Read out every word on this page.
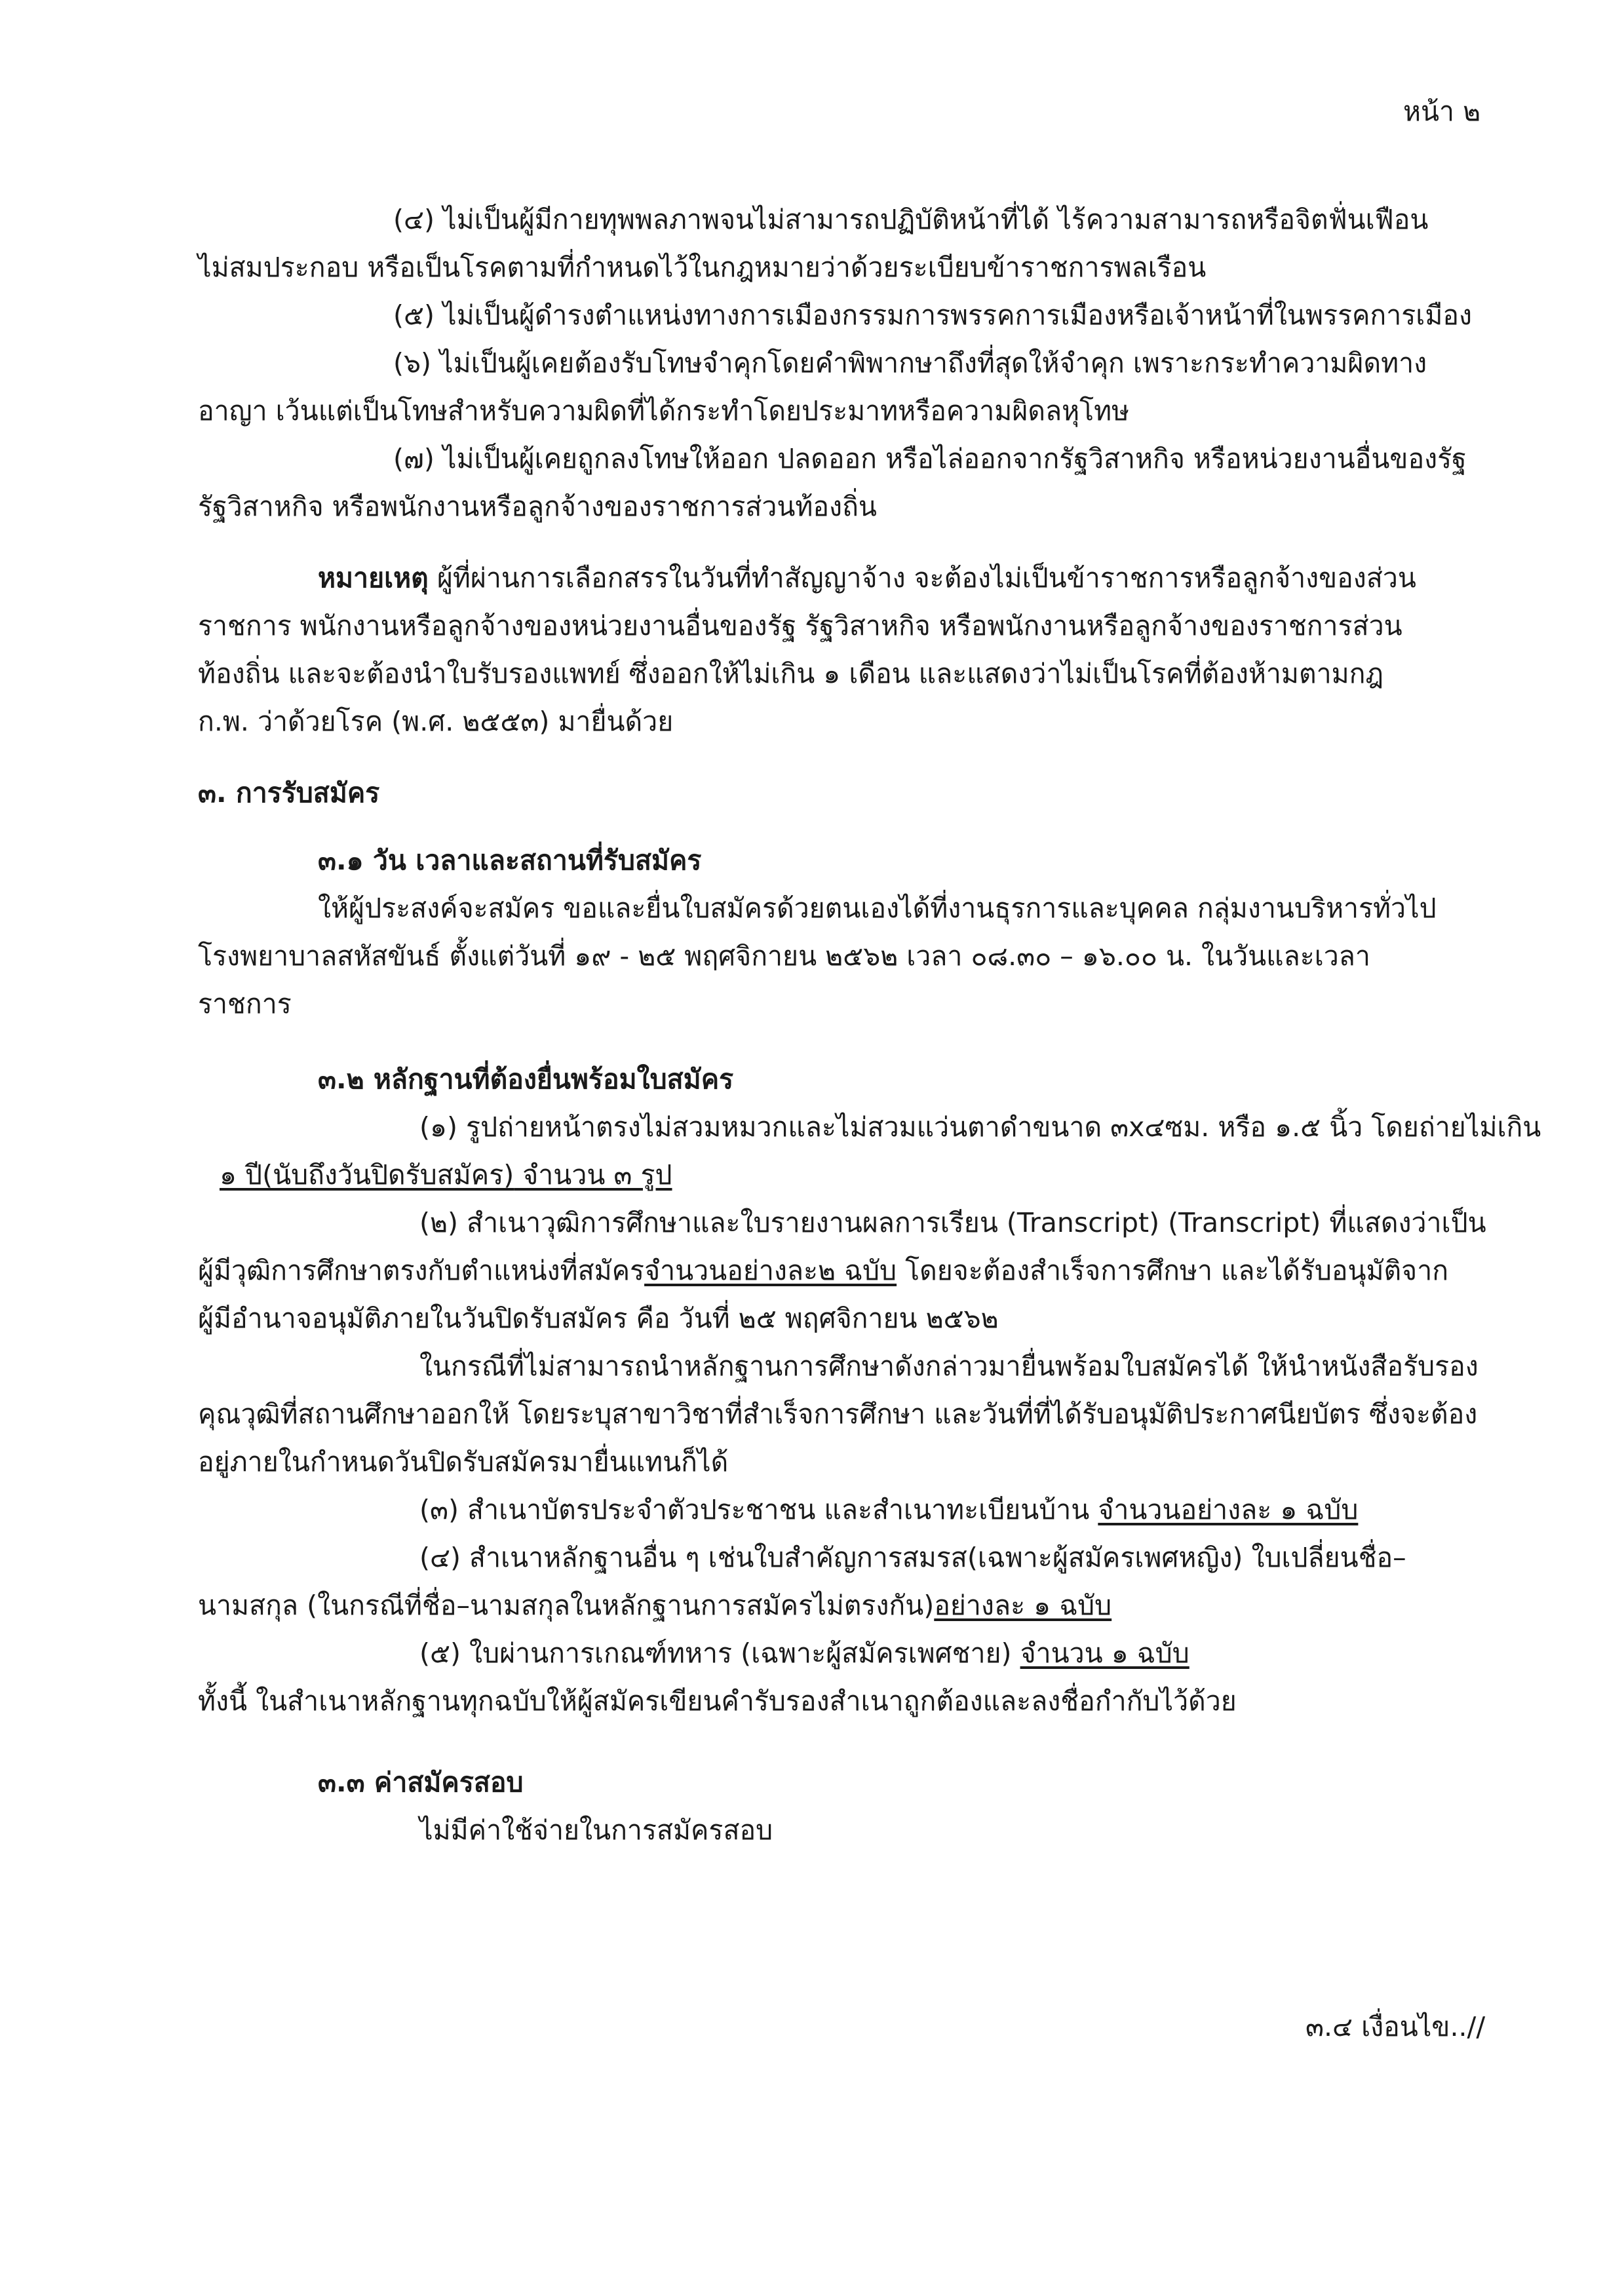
หน้า ๒
(๔) ไม่เป็นผู้มีกายทุพพลภาพจนไม่สามารถปฏิบัติหน้าที่ได้ ไร้ความสามารถหรือจิตฟั่นเฟือน
ไม่สมประกอบ หรือเป็นโรคตามที่กำหนดไว้ในกฎหมายว่าด้วยระเบียบข้าราชการพลเรือน
(๕) ไม่เป็นผู้ดำรงตำแหน่งทางการเมืองกรรมการพรรคการเมืองหรือเจ้าหน้าที่ในพรรคการเมือง
(๖) ไม่เป็นผู้เคยต้องรับโทษจำคุกโดยคำพิพากษาถึงที่สุดให้จำคุก เพราะกระทำความผิดทาง
อาญา เว้นแต่เป็นโทษสำหรับความผิดที่ได้กระทำโดยประมาทหรือความผิดลหุโทษ
(๗) ไม่เป็นผู้เคยถูกลงโทษให้ออก ปลดออก หรือไล่ออกจากรัฐวิสาหกิจ หรือหน่วยงานอื่นของรัฐ
รัฐวิสาหกิจ หรือพนักงานหรือลูกจ้างของราชการส่วนท้องถิ่น
หมายเหตุ ผู้ที่ผ่านการเลือกสรรในวันที่ทำสัญญาจ้าง จะต้องไม่เป็นข้าราชการหรือลูกจ้างของส่วน
ราชการ พนักงานหรือลูกจ้างของหน่วยงานอื่นของรัฐ รัฐวิสาหกิจ หรือพนักงานหรือลูกจ้างของราชการส่วน
ท้องถิ่น และจะต้องนำใบรับรองแพทย์ ซึ่งออกให้ไม่เกิน ๑ เดือน และแสดงว่าไม่เป็นโรคที่ต้องห้ามตามกฎ
ก.พ. ว่าด้วยโรค (พ.ศ. ๒๕๕๓) มายื่นด้วย
๓. การรับสมัคร
๓.๑ วัน เวลาและสถานที่รับสมัคร
ให้ผู้ประสงค์จะสมัคร ขอและยื่นใบสมัครด้วยตนเองได้ที่งานธุรการและบุคคล กลุ่มงานบริหารทั่วไป
โรงพยาบาลสหัสขันธ์ ตั้งแต่วันที่ ๑๙ - ๒๕ พฤศจิกายน ๒๕๖๒ เวลา ๐๘.๓๐ – ๑๖.๐๐ น. ในวันและเวลา
ราชการ
๓.๒ หลักฐานที่ต้องยื่นพร้อมใบสมัคร
(๑) รูปถ่ายหน้าตรงไม่สวมหมวกและไม่สวมแว่นตาดำขนาด ๓x๔ซม. หรือ ๑.๕ นิ้ว โดยถ่ายไม่เกิน
๑ ปี(นับถึงวันปิดรับสมัคร) จำนวน ๓ รูป
(๒) สำเนาวุฒิการศึกษาและใบรายงานผลการเรียน (Transcript) (Transcript) ที่แสดงว่าเป็น
ผู้มีวุฒิการศึกษาตรงกับตำแหน่งที่สมัครจำนวนอย่างละ๒ ฉบับ โดยจะต้องสำเร็จการศึกษา และได้รับอนุมัติจาก
ผู้มีอำนาจอนุมัติภายในวันปิดรับสมัคร คือ วันที่ ๒๕ พฤศจิกายน ๒๕๖๒
ในกรณีที่ไม่สามารถนำหลักฐานการศึกษาดังกล่าวมายื่นพร้อมใบสมัครได้ ให้นำหนังสือรับรอง
คุณวุฒิที่สถานศึกษาออกให้ โดยระบุสาขาวิชาที่สำเร็จการศึกษา และวันที่ที่ได้รับอนุมัติประกาศนียบัตร ซึ่งจะต้อง
อยู่ภายในกำหนดวันปิดรับสมัครมายื่นแทนก็ได้
(๓) สำเนาบัตรประจำตัวประชาชน และสำเนาทะเบียนบ้าน จำนวนอย่างละ ๑ ฉบับ
(๔) สำเนาหลักฐานอื่น ๆ เช่นใบสำคัญการสมรส(เฉพาะผู้สมัครเพศหญิง) ใบเปลี่ยนชื่อ–
นามสกุล (ในกรณีที่ชื่อ–นามสกุลในหลักฐานการสมัครไม่ตรงกัน)อย่างละ ๑ ฉบับ
(๕) ใบผ่านการเกณฑ์ทหาร (เฉพาะผู้สมัครเพศชาย) จำนวน ๑ ฉบับ
ทั้งนี้ ในสำเนาหลักฐานทุกฉบับให้ผู้สมัครเขียนคำรับรองสำเนาถูกต้องและลงชื่อกำกับไว้ด้วย
๓.๓ ค่าสมัครสอบ
ไม่มีค่าใช้จ่ายในการสมัครสอบ
๓.๔ เงื่อนไข..//
